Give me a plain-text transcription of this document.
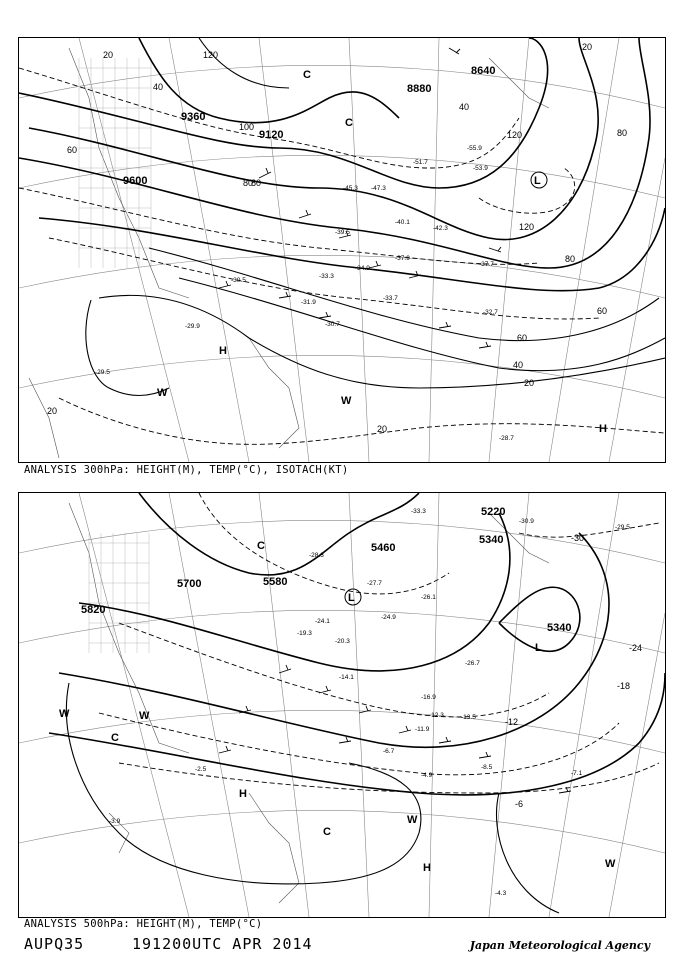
9360
9600
9120
8880
8640
20
40
60
80
100
120
20
20
20
40
60
60
80
80
120
120
40
20
80
-55.9
-53.9
-51.7
-47.3
-45.3
-42.3
-40.1
-39.5
-37.9
-37.7
-34.9
-33.7
-33.3
-32.7
-31.9
-30.7
-30.5
-29.9
-29.5
-28.7
H
H
L
C
C
W
W
ANALYSIS 300hPa: HEIGHT(M), TEMP(°C), ISOTACH(KT)
5220
5340
5460
5580
5700
5820
5340
-30
-24
-18
-12
-6
-33.3
-30.9
-29.5
-28.3
-27.7
-26.7
-26.1
-24.9
-24.1
-20.3
-19.3
-16.9
-14.1
-13.5
-12.3
-11.9
-8.5
-7.1
-6.7
-4.9
-4.3
-3.9
-2.5
L
L
H
H
C
C
C
W	W
W
W
ANALYSIS 500hPa: HEIGHT(M), TEMP(°C)
AUPQ35	191200UTC APR 2014	Japan Meteorological Agency
